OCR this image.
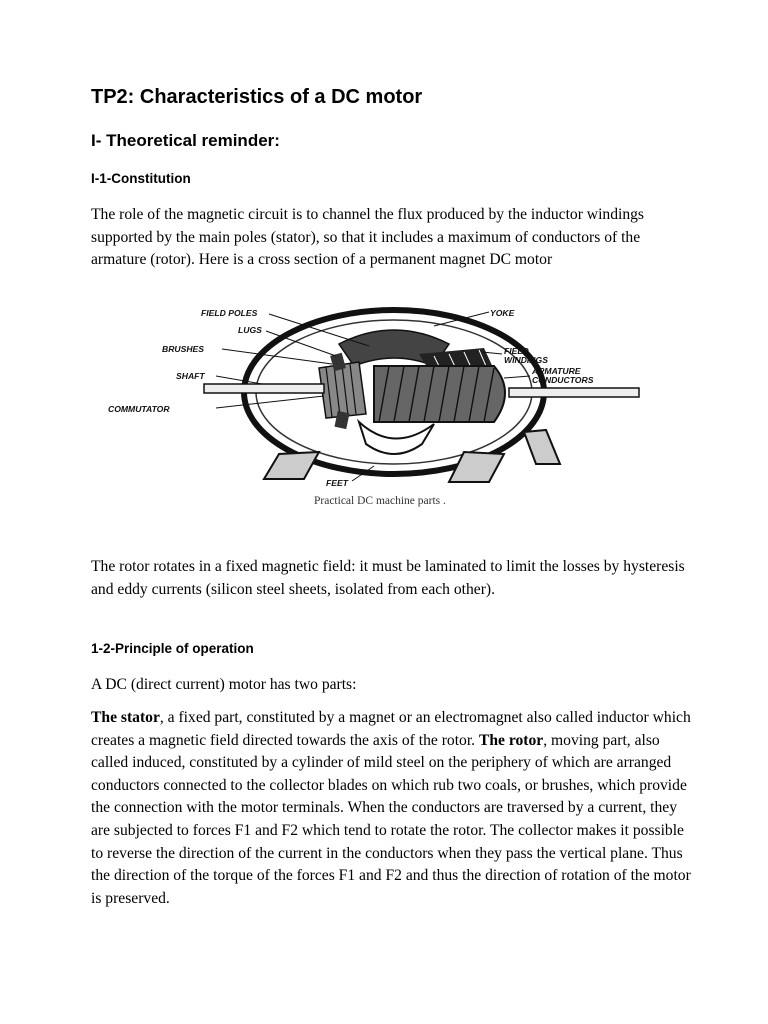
TP2: Characteristics of a DC motor
I- Theoretical reminder:
I-1-Constitution

The role of the magnetic circuit is to channel the flux produced by the inductor windings supported by the main poles (stator), so that it includes a maximum of conductors of the armature (rotor). Here is a cross section of a permanent magnet DC motor

FIELD POLES	YOKE
LUGS
BRUSHES	FIELD
WINDINGS
ARMATURE
CONDUCTORS
SHAFT
COMMUTATOR
FEET
Practical DC machine parts .

The rotor rotates in a fixed magnetic field: it must be laminated to limit the losses by hysteresis and eddy currents (silicon steel sheets, isolated from each other).

1-2-Principle of operation

A DC (direct current) motor has two parts:

The stator, a fixed part, constituted by a magnet or an electromagnet also called inductor which creates a magnetic field directed towards the axis of the rotor. The rotor, moving part, also called induced, constituted by a cylinder of mild steel on the periphery of which are arranged conductors connected to the collector blades on which rub two coals, or brushes, which provide the connection with the motor terminals. When the conductors are traversed by a current, they are subjected to forces F1 and F2 which tend to rotate the rotor. The collector makes it possible to reverse the direction of the current in the conductors when they pass the vertical plane. Thus the direction of the torque of the forces F1 and F2 and thus the direction of rotation of the motor is preserved.
